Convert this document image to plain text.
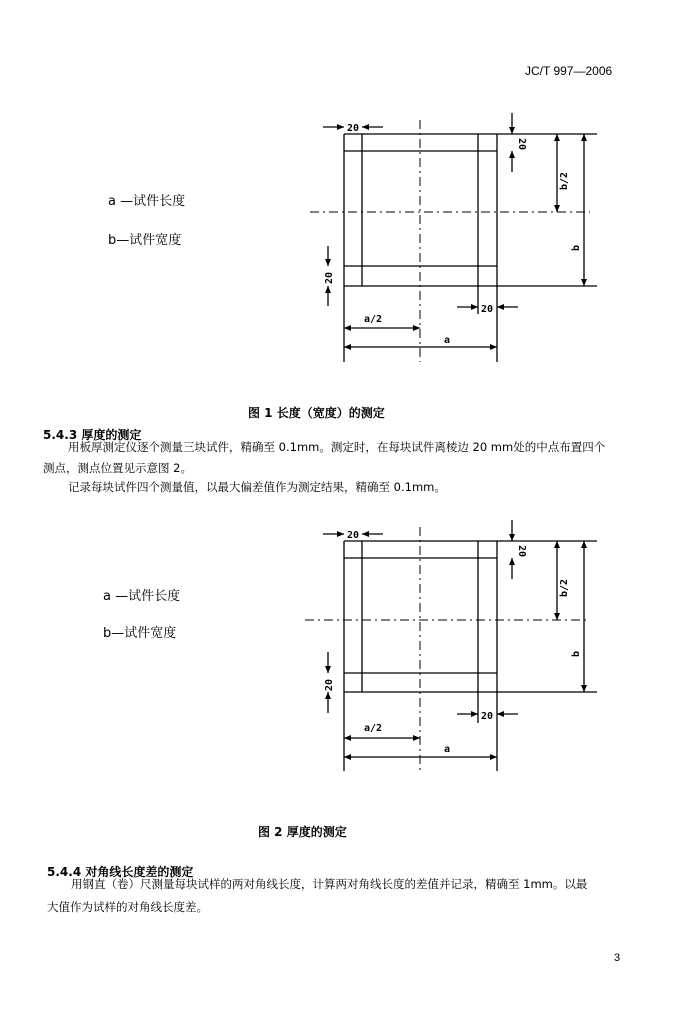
JC/T 997—2006
a —试件长度
b—试件宽度
20
20
b/2
b
20
20
a/2
a
20
20
b/2
b
20
20
a/2
a
图 1 长度（宽度）的测定
5.4.3 厚度的测定
用板厚测定仪逐个测量三块试件，精确至 0.1mm。测定时，在每块试件离棱边 20 mm处的中点布置四个
测点，测点位置见示意图 2。
记录每块试件四个测量值，以最大偏差值作为测定结果，精确至 0.1mm。
a —试件长度
b—试件宽度
图 2 厚度的测定
5.4.4 对角线长度差的测定
用钢直（卷）尺测量每块试样的两对角线长度，计算两对角线长度的差值并记录，精确至 1mm。以最
大值作为试样的对角线长度差。
3
